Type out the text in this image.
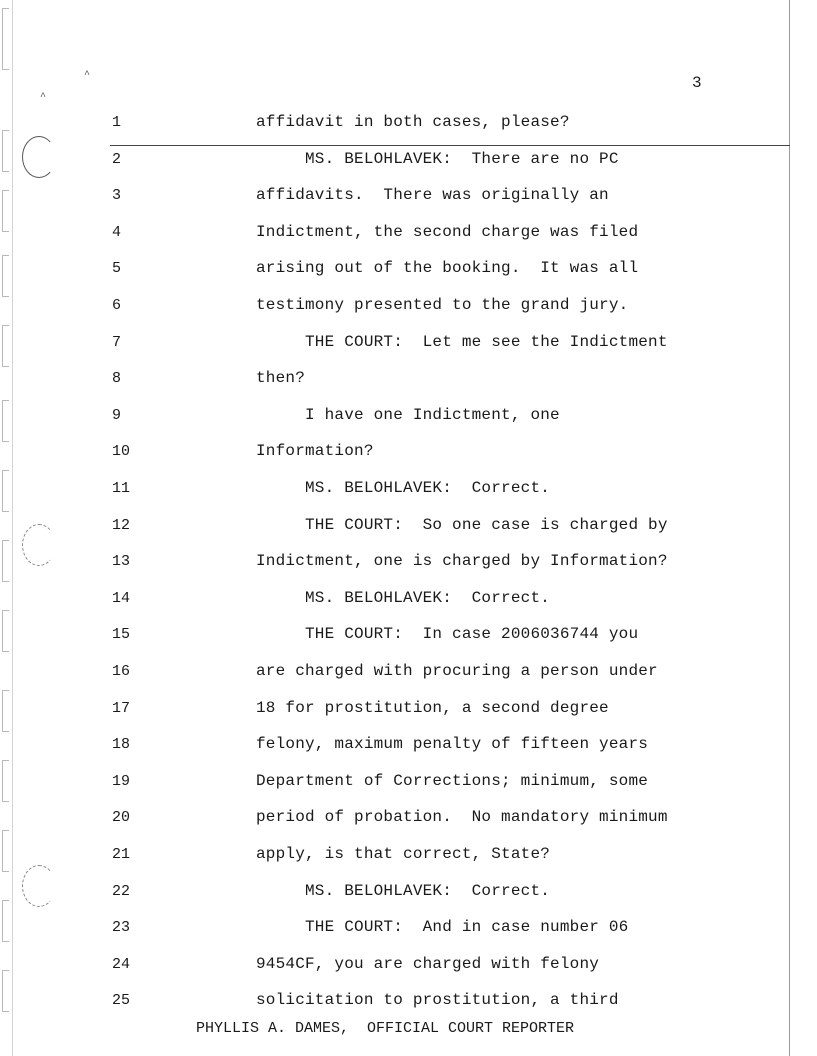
^
^
3
1	affidavit in both cases, please?
2	MS. BELOHLAVEK:  There are no PC
3	affidavits.  There was originally an
4	Indictment, the second charge was filed
5	arising out of the booking.  It was all
6	testimony presented to the grand jury.
7	THE COURT:  Let me see the Indictment
8	then?
9	I have one Indictment, one
10	Information?
11	MS. BELOHLAVEK:  Correct.
12	THE COURT:  So one case is charged by
13	Indictment, one is charged by Information?
14	MS. BELOHLAVEK:  Correct.
15	THE COURT:  In case 2006036744 you
16	are charged with procuring a person under
17	18 for prostitution, a second degree
18	felony, maximum penalty of fifteen years
19	Department of Corrections; minimum, some
20	period of probation.  No mandatory minimum
21	apply, is that correct, State?
22	MS. BELOHLAVEK:  Correct.
23	THE COURT:  And in case number 06
24	9454CF, you are charged with felony
25	solicitation to prostitution, a third
PHYLLIS A. DAMES,  OFFICIAL COURT REPORTER
